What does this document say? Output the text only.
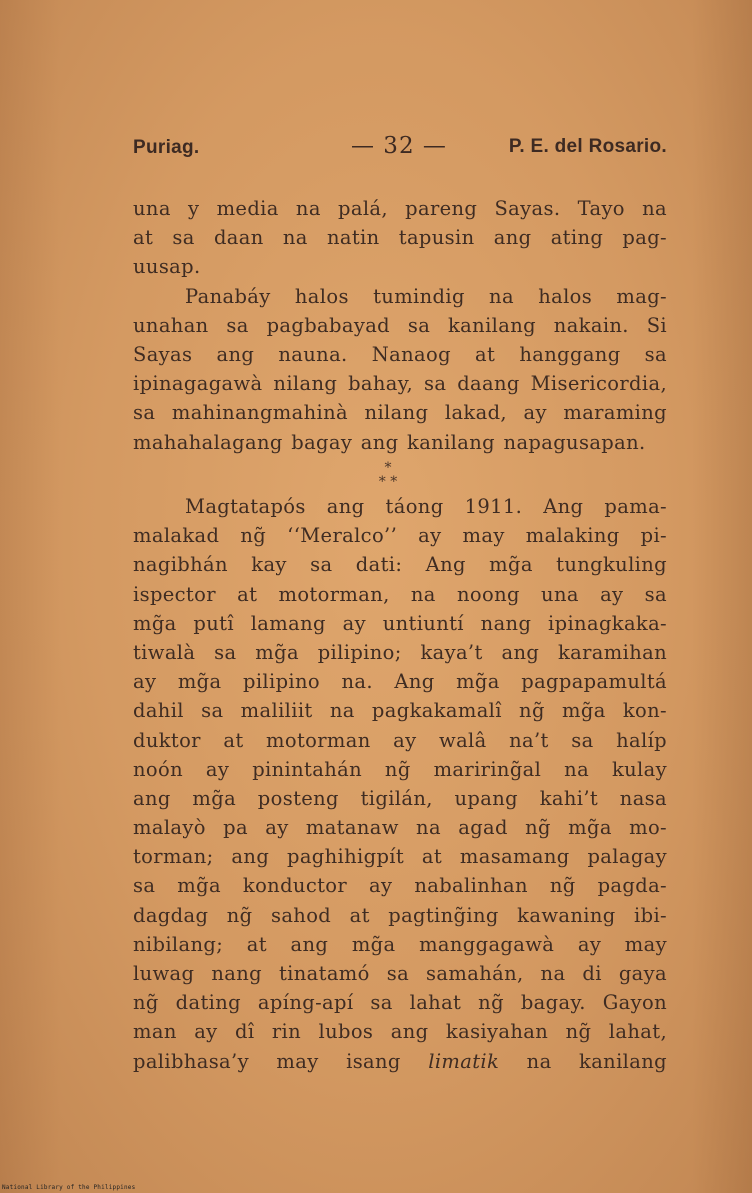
Puriag.	— 32 —	P. E. del Rosario.
una y media na palá, pareng Sayas. Tayo na
at sa daan na natin tapusin ang ating pag-
uusap.
Panabáy halos tumindig na halos mag-
unahan sa pagbabayad sa kanilang nakain. Si
Sayas ang nauna. Nanaog at hanggang sa
ipinagagawà nilang bahay, sa daang Misericordia,
sa mahinangmahinà nilang lakad, ay maraming
mahahalagang bagay ang kanilang napagusapan.
*
* *
Magtatapós ang táong 1911. Ang pama-
malakad ng̃ ‘‘Meralco’’ ay may malaking pi-
nagibhán kay sa dati: Ang mg̃a tungkuling
ispector at motorman, na noong una ay sa
mg̃a putî lamang ay untiuntí nang ipinagkaka-
tiwalà sa mg̃a pilipino; kaya’t ang karamihan
ay mg̃a pilipino na. Ang mg̃a pagpapamultá
dahil sa maliliit na pagkakamalî ng̃ mg̃a kon-
duktor at motorman ay walâ na’t sa halíp
noón ay pinintahán ng̃ mariring̃al na kulay
ang mg̃a posteng tigilán, upang kahi’t nasa
malayò pa ay matanaw na agad ng̃ mg̃a mo-
torman; ang paghihigpít at masamang palagay
sa mg̃a konductor ay nabalinhan ng̃ pagda-
dagdag ng̃ sahod at pagting̃ing kawaning ibi-
nibilang; at ang mg̃a manggagawà ay may
luwag nang tinatamó sa samahán, na di gaya
ng̃ dating apíng-apí sa lahat ng̃ bagay. Gayon
man ay dî rin lubos ang kasiyahan ng̃ lahat,
palibhasa’y may isang limatik na kanilang
National Library of the Philippines
